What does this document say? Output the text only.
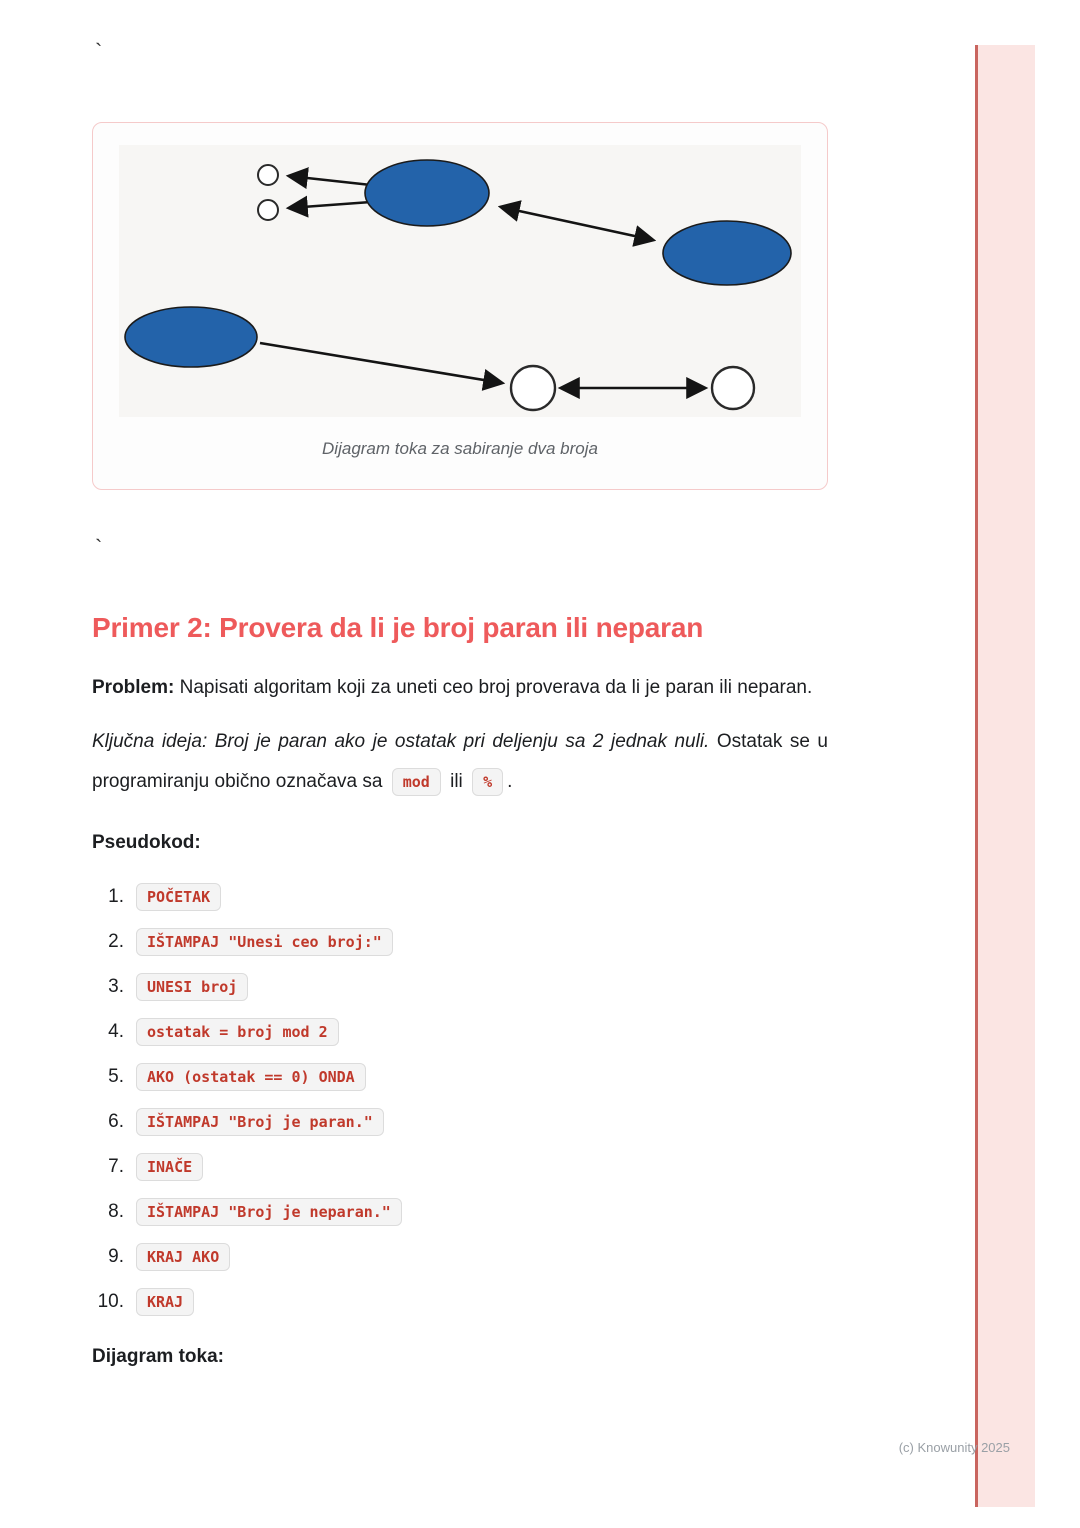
(c) Knowunity 2025
`
Dijagram toka za sabiranje dva broja
`
Primer 2: Provera da li je broj paran ili neparan

Problem: Napisati algoritam koji za uneti ceo broj proverava da li je paran ili neparan.

Ključna ideja: Broj je paran ako je ostatak pri deljenju sa 2 jednak nuli. Ostatak se u programiranju obično označava sa mod ili % .

Pseudokod:
1.	POČETAK
2.	IŠTAMPAJ "Unesi ceo broj:"
3.	UNESI broj
4.	ostatak = broj mod 2
5.	AKO (ostatak == 0) ONDA
6.	IŠTAMPAJ "Broj je paran."
7.	INAČE
8.	IŠTAMPAJ "Broj je neparan."
9.	KRAJ AKO
10.	KRAJ
Dijagram toka:
